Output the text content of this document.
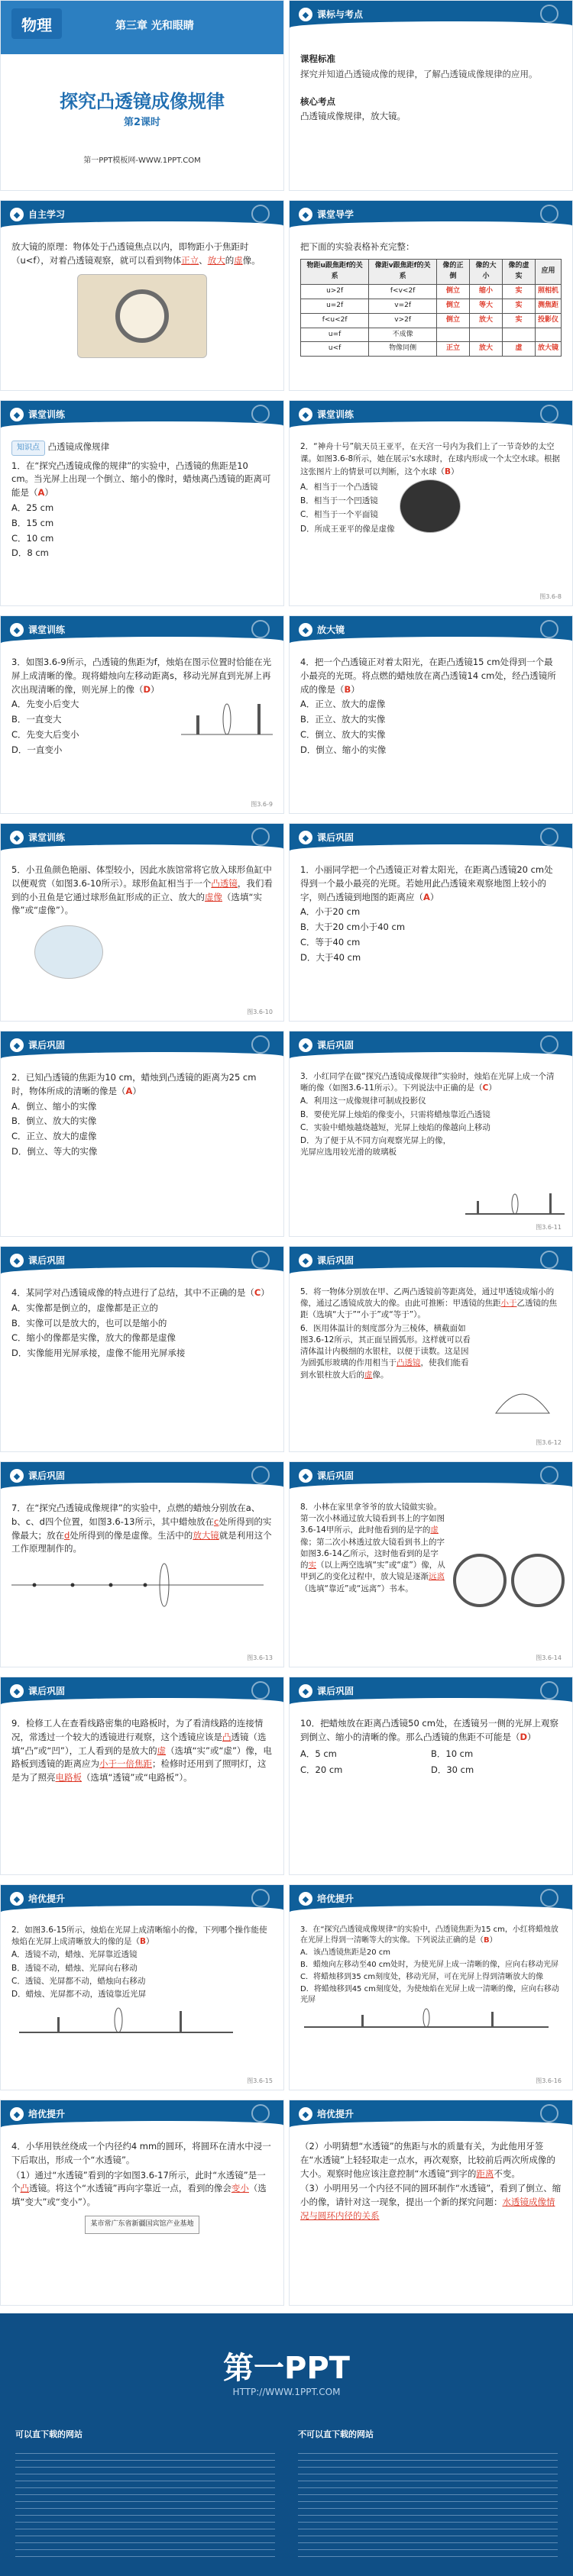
物理	第三章 光和眼睛
探究凸透镜成像规律
第2课时
第一PPT模板网-WWW.1PPT.COM
◆ 课标与考点

课程标准

探究并知道凸透镜成像的规律，了解凸透镜成像规律的应用。

核心考点

凸透镜成像规律，放大镜。

◆ 自主学习

放大镜的原理：物体处于凸透镜焦点以内，即物距小于焦距时（u<f），对着凸透镜观察，就可以看到物体正立、放大的虚像。

◆ 课堂导学

把下面的实验表格补充完整：

物距u跟焦距f的关系	像距v跟焦距f的关系	像的正倒	像的大小	像的虚实	应用
u>2f	f<v<2f	倒立	缩小	实	照相机
u=2f	v=2f	倒立	等大	实	测焦距
f<u<2f	v>2f	倒立	放大	实	投影仪
u=f	不成像				
u<f	物像同侧	正立	放大	虚	放大镜
◆ 课堂训练

知识点 凸透镜成像规律

1．在“探究凸透镜成像的规律”的实验中，凸透镜的焦距是10 cm。当光屏上出现一个倒立、缩小的像时，蜡烛离凸透镜的距离可能是（A）

A．25 cm

B．15 cm

C．10 cm

D．8 cm

◆ 课堂训练

2．“神舟十号”航天员王亚平，在天宫一号内为我们上了一节奇妙的太空课。如图3.6-8所示，她在展示's水球时，在球内形成一个太空水球。根据这张图片上的情景可以判断，这个水球（B）

A．相当于一个凸透镜

B．相当于一个凹透镜

C．相当于一个平面镜

D．所成王亚平的像是虚像

图3.6-8
◆ 课堂训练

3．如图3.6-9所示，凸透镜的焦距为f，烛焰在图示位置时恰能在光屏上成清晰的像。现将蜡烛向左移动距离s，移动光屏直到光屏上再次出现清晰的像，则光屏上的像（D）

A．先变小后变大

B．一直变大

C．先变大后变小

D．一直变小

图3.6-9
◆ 放大镜

4．把一个凸透镜正对着太阳光，在距凸透镜15 cm处得到一个最小最亮的光斑。将点燃的蜡烛放在离凸透镜14 cm处，经凸透镜所成的像是（B）

A．正立、放大的虚像

B．正立、放大的实像

C．倒立、放大的实像

D．倒立、缩小的实像

◆ 课堂训练

5．小丑鱼颜色艳丽、体型较小，因此水族馆常将它放入球形鱼缸中以便观赏（如图3.6-10所示）。球形鱼缸相当于一个凸透镜，我们看到的小丑鱼是它通过球形鱼缸形成的正立、放大的虚像（选填“实像”或“虚像”）。

图3.6-10
◆ 课后巩固

1．小丽同学把一个凸透镜正对着太阳光，在距离凸透镜20 cm处得到一个最小最亮的光斑。若她用此凸透镜来观察地图上较小的字，则凸透镜到地图的距离应（A）

A．小于20 cm

B．大于20 cm小于40 cm

C．等于40 cm

D．大于40 cm

◆ 课后巩固

2．已知凸透镜的焦距为10 cm，蜡烛到凸透镜的距离为25 cm时，物体所成的清晰的像是（A）

A．倒立、缩小的实像

B．倒立、放大的实像

C．正立、放大的虚像

D．倒立、等大的实像

◆ 课后巩固

3．小红同学在做“探究凸透镜成像规律”实验时，烛焰在光屏上成一个清晰的像（如图3.6-11所示）。下列说法中正确的是（C）

A．利用这一成像规律可制成投影仪

B．要使光屏上烛焰的像变小，只需将蜡烛靠近凸透镜

C．实验中蜡烛越烧越短，光屏上烛焰的像越向上移动

D．为了便于从不同方向观察光屏上的像，光屏应选用较光滑的玻璃板

图3.6-11
◆ 课后巩固

4．某同学对凸透镜成像的特点进行了总结，其中不正确的是（C）

A．实像都是倒立的，虚像都是正立的

B．实像可以是放大的，也可以是缩小的

C．缩小的像都是实像，放大的像都是虚像

D．实像能用光屏承接，虚像不能用光屏承接

◆ 课后巩固

5．将一物体分别放在甲、乙两凸透镜前等距离处，通过甲透镜成缩小的像，通过乙透镜成放大的像。由此可推断：甲透镜的焦距小于乙透镜的焦距（选填“大于”“小于”或“等于”）。

6．医用体温计的刻度部分为三棱体，横截面如图3.6-12所示，其正面呈圆弧形。这样就可以看清体温计内极细的水银柱，以便于读数。这是因为圆弧形玻璃的作用相当于凸透镜，使我们能看到水银柱放大后的虚像。

图3.6-12
◆ 课后巩固

7．在“探究凸透镜成像规律”的实验中，点燃的蜡烛分别放在a、b、c、d四个位置，如图3.6-13所示，其中蜡烛放在c处所得到的实像最大；放在d处所得到的像是虚像。生活中的放大镜就是利用这个工作原理制作的。

图3.6-13
◆ 课后巩固

8．小林在家里拿爷爷的放大镜做实验。第一次小林通过放大镜看到书上的字如图3.6-14甲所示，此时他看到的是字的虚像；第二次小林透过放大镜看到书上的字如图3.6-14乙所示，这时他看到的是字的实（以上两空选填“实”或“虚”）像，从甲到乙的变化过程中，放大镜是逐渐远离（选填“靠近”或“远离”）书本。

图3.6-14
◆ 课后巩固

9．检修工人在查看线路密集的电路板时，为了看清线路的连接情况，常透过一个较大的透镜进行观察，这个透镜应该是凸透镜（选填“凸”或“凹”），工人看到的是放大的虚（选填“实”或“虚”）像，电路板到透镜的距离应为小于一倍焦距；检修时还用到了照明灯，这是为了照亮电路板（选填“透镜”或“电路板”）。

◆ 课后巩固

10．把蜡烛放在距离凸透镜50 cm处，在透镜另一侧的光屏上观察到倒立、缩小的清晰的像。那么凸透镜的焦距不可能是（D）

A．5 cm	B．10 cm

C．20 cm	D．30 cm

◆ 培优提升

2．如图3.6-15所示，烛焰在光屏上成清晰缩小的像，下列哪个操作能使烛焰在光屏上成清晰放大的像的是（B）

A．透镜不动，蜡烛、光屏靠近透镜

B．透镜不动，蜡烛、光屏向右移动

C．透镜、光屏都不动，蜡烛向右移动

D．蜡烛、光屏都不动，透镜靠近光屏

图3.6-15
◆ 培优提升

3．在“探究凸透镜成像规律”的实验中，凸透镜焦距为15 cm，小红将蜡烛放在光屏上得到一清晰等大的实像。下列说法正确的是（B）

A．该凸透镜焦距是20 cm

B．蜡烛向左移动至40 cm处时，为使光屏上成一清晰的像，应向右移动光屏

C．将蜡烛移到35 cm刻度处，移动光屏，可在光屏上得到清晰放大的像

D．将蜡烛移到45 cm刻度处，为使烛焰在光屏上成一清晰的像，应向右移动光屏

图3.6-16
◆ 培优提升

4．小华用铁丝绕成一个内径约4 mm的圆环，将圆环在清水中浸一下后取出，形成一个“水透镜”。

（1）通过“水透镜”看到的字如图3.6-17所示，此时“水透镜”是一个凸透镜。将这个“水透镜”再向字靠近一点，看到的像会变小（选填“变大”或“变小”）。

某市常广东省新疆国宾馆产业基地
◆ 培优提升

（2）小明猜想“水透镜”的焦距与水的质量有关，为此他用牙签在“水透镜”上轻轻取走一点水，再次观察，比较前后两次所成像的大小。观察时他应该注意控制“水透镜”到字的距离不变。

（3）小明用另一个内径不同的圆环制作“水透镜”，看到了倒立、缩小的像，请针对这一现象，提出一个新的探究问题：水透镜成像情况与圆环内径的关系

第一PPT
HTTP://WWW.1PPT.COM
可以直下载的网站	不可以直下载的网站
